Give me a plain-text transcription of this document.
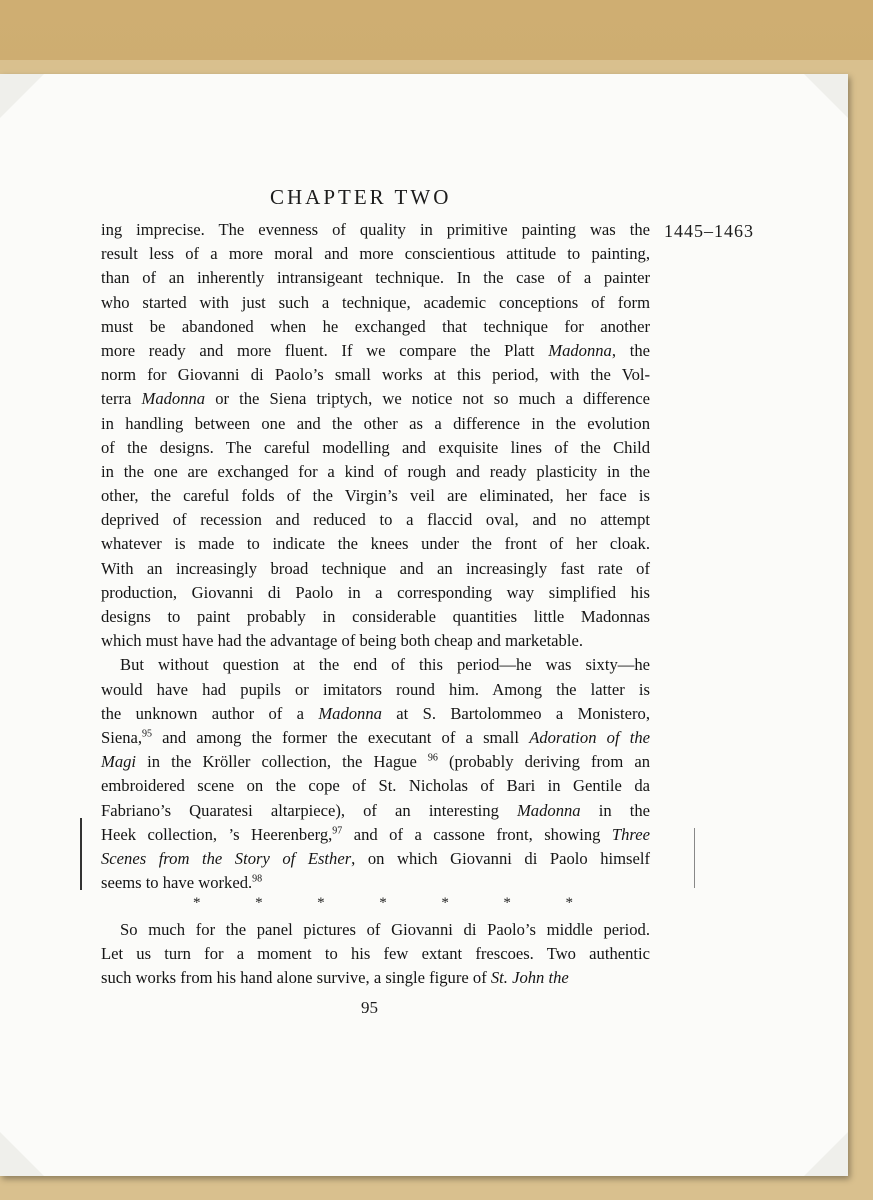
CHAPTER TWO
1445–1463
ing imprecise. The evenness of quality in primitive painting was the
result less of a more moral and more conscientious attitude to painting,
than of an inherently intransigeant technique. In the case of a painter
who started with just such a technique, academic conceptions of form
must be abandoned when he exchanged that technique for another
more ready and more fluent. If we compare the Platt Madonna, the
norm for Giovanni di Paolo’s small works at this period, with the Vol-
terra Madonna or the Siena triptych, we notice not so much a difference
in handling between one and the other as a difference in the evolution
of the designs. The careful modelling and exquisite lines of the Child
in the one are exchanged for a kind of rough and ready plasticity in the
other, the careful folds of the Virgin’s veil are eliminated, her face is
deprived of recession and reduced to a flaccid oval, and no attempt
whatever is made to indicate the knees under the front of her cloak.
With an increasingly broad technique and an increasingly fast rate of
production, Giovanni di Paolo in a corresponding way simplified his
designs to paint probably in considerable quantities little Madonnas
which must have had the advantage of being both cheap and marketable.
But without question at the end of this period—he was sixty—he
would have had pupils or imitators round him. Among the latter is
the unknown author of a Madonna at S. Bartolommeo a Monistero,
Siena,$^{95}$ and among the former the executant of a small Adoration of the
Magi in the Kröller collection, the Hague $^{96}$ (probably deriving from an
embroidered scene on the cope of St. Nicholas of Bari in Gentile da
Fabriano’s Quaratesi altarpiece), of an interesting Madonna in the
Heek collection, ’s Heerenberg,$^{97}$ and of a cassone front, showing Three
Scenes from the Story of Esther, on which Giovanni di Paolo himself
seems to have worked.$^{98}$
*	*	*	*	*	*	*
So much for the panel pictures of Giovanni di Paolo’s middle period.
Let us turn for a moment to his few extant frescoes. Two authentic
such works from his hand alone survive, a single figure of St. John the
95
